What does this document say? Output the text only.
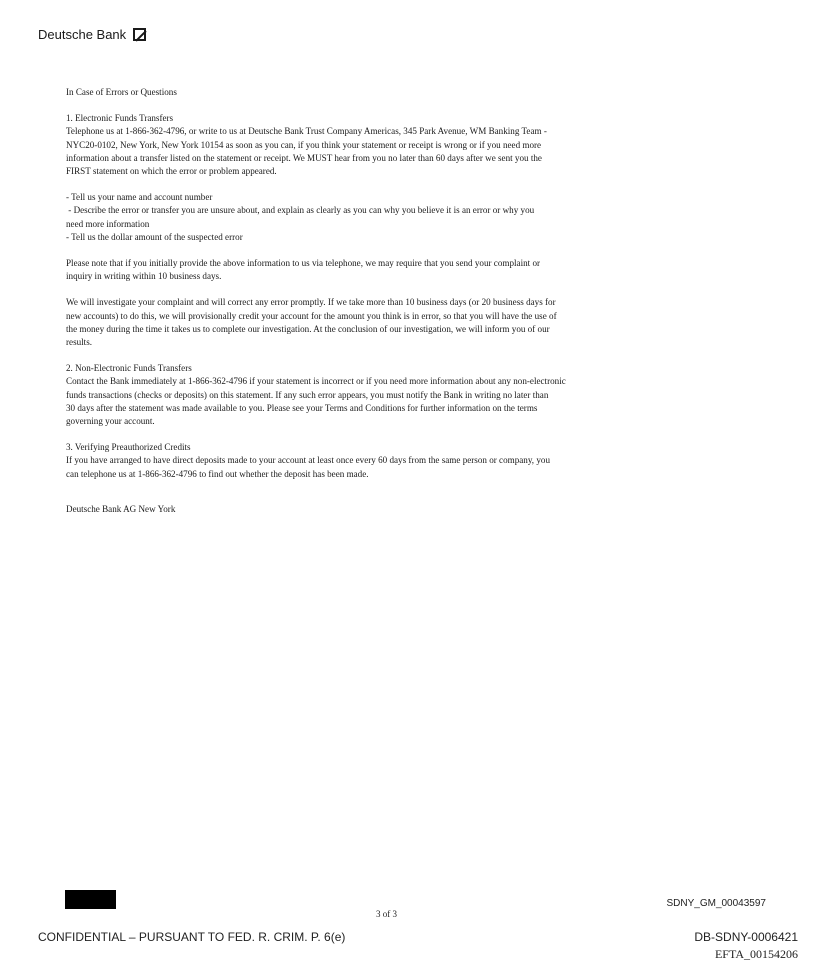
Deutsche Bank

In Case of Errors or Questions

1. Electronic Funds Transfers
Telephone us at 1-866-362-4796, or write to us at Deutsche Bank Trust Company Americas, 345 Park Avenue, WM Banking Team -
NYC20-0102, New York, New York 10154 as soon as you can, if you think your statement or receipt is wrong or if you need more
information about a transfer listed on the statement or receipt. We MUST hear from you no later than 60 days after we sent you the
FIRST statement on which the error or problem appeared.

- Tell us your name and account number
- Describe the error or transfer you are unsure about, and explain as clearly as you can why you believe it is an error or why you
need more information
- Tell us the dollar amount of the suspected error

Please note that if you initially provide the above information to us via telephone, we may require that you send your complaint or
inquiry in writing within 10 business days.

We will investigate your complaint and will correct any error promptly. If we take more than 10 business days (or 20 business days for
new accounts) to do this, we will provisionally credit your account for the amount you think is in error, so that you will have the use of
the money during the time it takes us to complete our investigation. At the conclusion of our investigation, we will inform you of our
results.

2. Non-Electronic Funds Transfers
Contact the Bank immediately at 1-866-362-4796 if your statement is incorrect or if you need more information about any non-electronic
funds transactions (checks or deposits) on this statement. If any such error appears, you must notify the Bank in writing no later than
30 days after the statement was made available to you. Please see your Terms and Conditions for further information on the terms
governing your account.

3. Verifying Preauthorized Credits
If you have arranged to have direct deposits made to your account at least once every 60 days from the same person or company, you
can telephone us at 1-866-362-4796 to find out whether the deposit has been made.

Deutsche Bank AG New York

3 of 3
SDNY_GM_00043597
CONFIDENTIAL – PURSUANT TO FED. R. CRIM. P. 6(e)	DB-SDNY-0006421
EFTA_00154206
